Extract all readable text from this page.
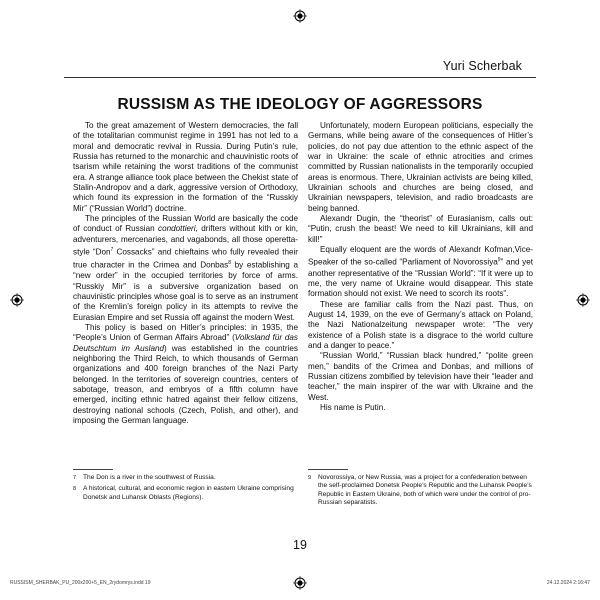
Yuri Scherbak
RUSSISM AS THE IDEOLOGY OF AGGRESSORS

To the great amazement of Western democracies, the fall of the totalitarian communist regime in 1991 has not led to a moral and democratic revival in Russia. During Putin’s rule, Russia has returned to the monarchic and chauvinistic roots of tsarism while retaining the worst traditions of the communist era. A strange alliance took place between the Chekist state of Stalin-Andropov and a dark, aggressive version of Orthodoxy, which found its expression in the formation of the “Russkiy Mir” (“Russian World”) doctrine.

The principles of the Russian World are basically the code of conduct of Russian condottieri, drifters without kith or kin, adventurers, mercenaries, and vagabonds, all those operetta-style “Don$^7$ Cossacks” and chieftains who fully revealed their true character in the Crimea and Donbas$^8$ by establishing a “new order” in the occupied territories by force of arms. “Russkiy Mir” is a subversive organization based on chauvinistic principles whose goal is to serve as an instrument of the Kremlin’s foreign policy in its attempts to revive the Eurasian Empire and set Russia off against the modern West.

This policy is based on Hitler’s principles: in 1935, the “People’s Union of German Affairs Abroad” (Volksland für das Deutschtum im Ausland) was established in the countries neighboring the Third Reich, to which thousands of German organizations and 400 foreign branches of the Nazi Party belonged. In the territories of sovereign countries, centers of sabotage, treason, and embryos of a fifth column have emerged, inciting ethnic hatred against their fellow citizens, destroying national schools (Czech, Polish, and other), and imposing the German language.

Unfortunately, modern European politicians, especially the Germans, while being aware of the consequences of Hitler’s policies, do not pay due attention to the ethnic aspect of the war in Ukraine: the scale of ethnic atrocities and crimes committed by Russian nationalists in the temporarily occupied areas is enormous. There, Ukrainian activists are being killed, Ukrainian schools and churches are being closed, and Ukrainian newspapers, television, and radio broadcasts are being banned.

Alexandr Dugin, the “theorist” of Eurasianism, calls out: “Putin, crush the beast! We need to kill Ukrainians, kill and kill!”

Equally eloquent are the words of Alexandr Kofman,Vice-Speaker of the so-called “Parliament of Novorossiya$^9$” and yet another representative of the “Russian World”: “If it were up to me, the very name of Ukraine would disappear. This state formation should not exist. We need to scorch its roots”.

These are familiar calls from the Nazi past. Thus, on August 14, 1939, on the eve of Germany’s attack on Poland, the Nazi Nationalzeitung newspaper wrote: “The very existence of a Polish state is a disgrace to the world culture and a danger to peace.”

“Russian World,” “Russian black hundred,” “polite green men,” bandits of the Crimea and Donbas, and millions of Russian citizens zombified by television have their “leader and teacher,” the main inspirer of the war with Ukraine and the West.

His name is Putin.

7	The Don is a river in the southwest of Russia.
8	A historical, cultural, and economic region in eastern Ukraine comprising Donetsk and Luhansk Oblasts (Regions).
9	Novorossiya, or New Russia, was a project for a confederation between the self-proclaimed Donetsk People’s Republic and the Luhansk People’s Republic in Eastern Ukraine, both of which were under the control of pro-Russian separatists.
19
RUSSISM_SHERBAK_PU_200x200+5_EN_2rydomrys.indd 19	24.12.2024 2:16:47
